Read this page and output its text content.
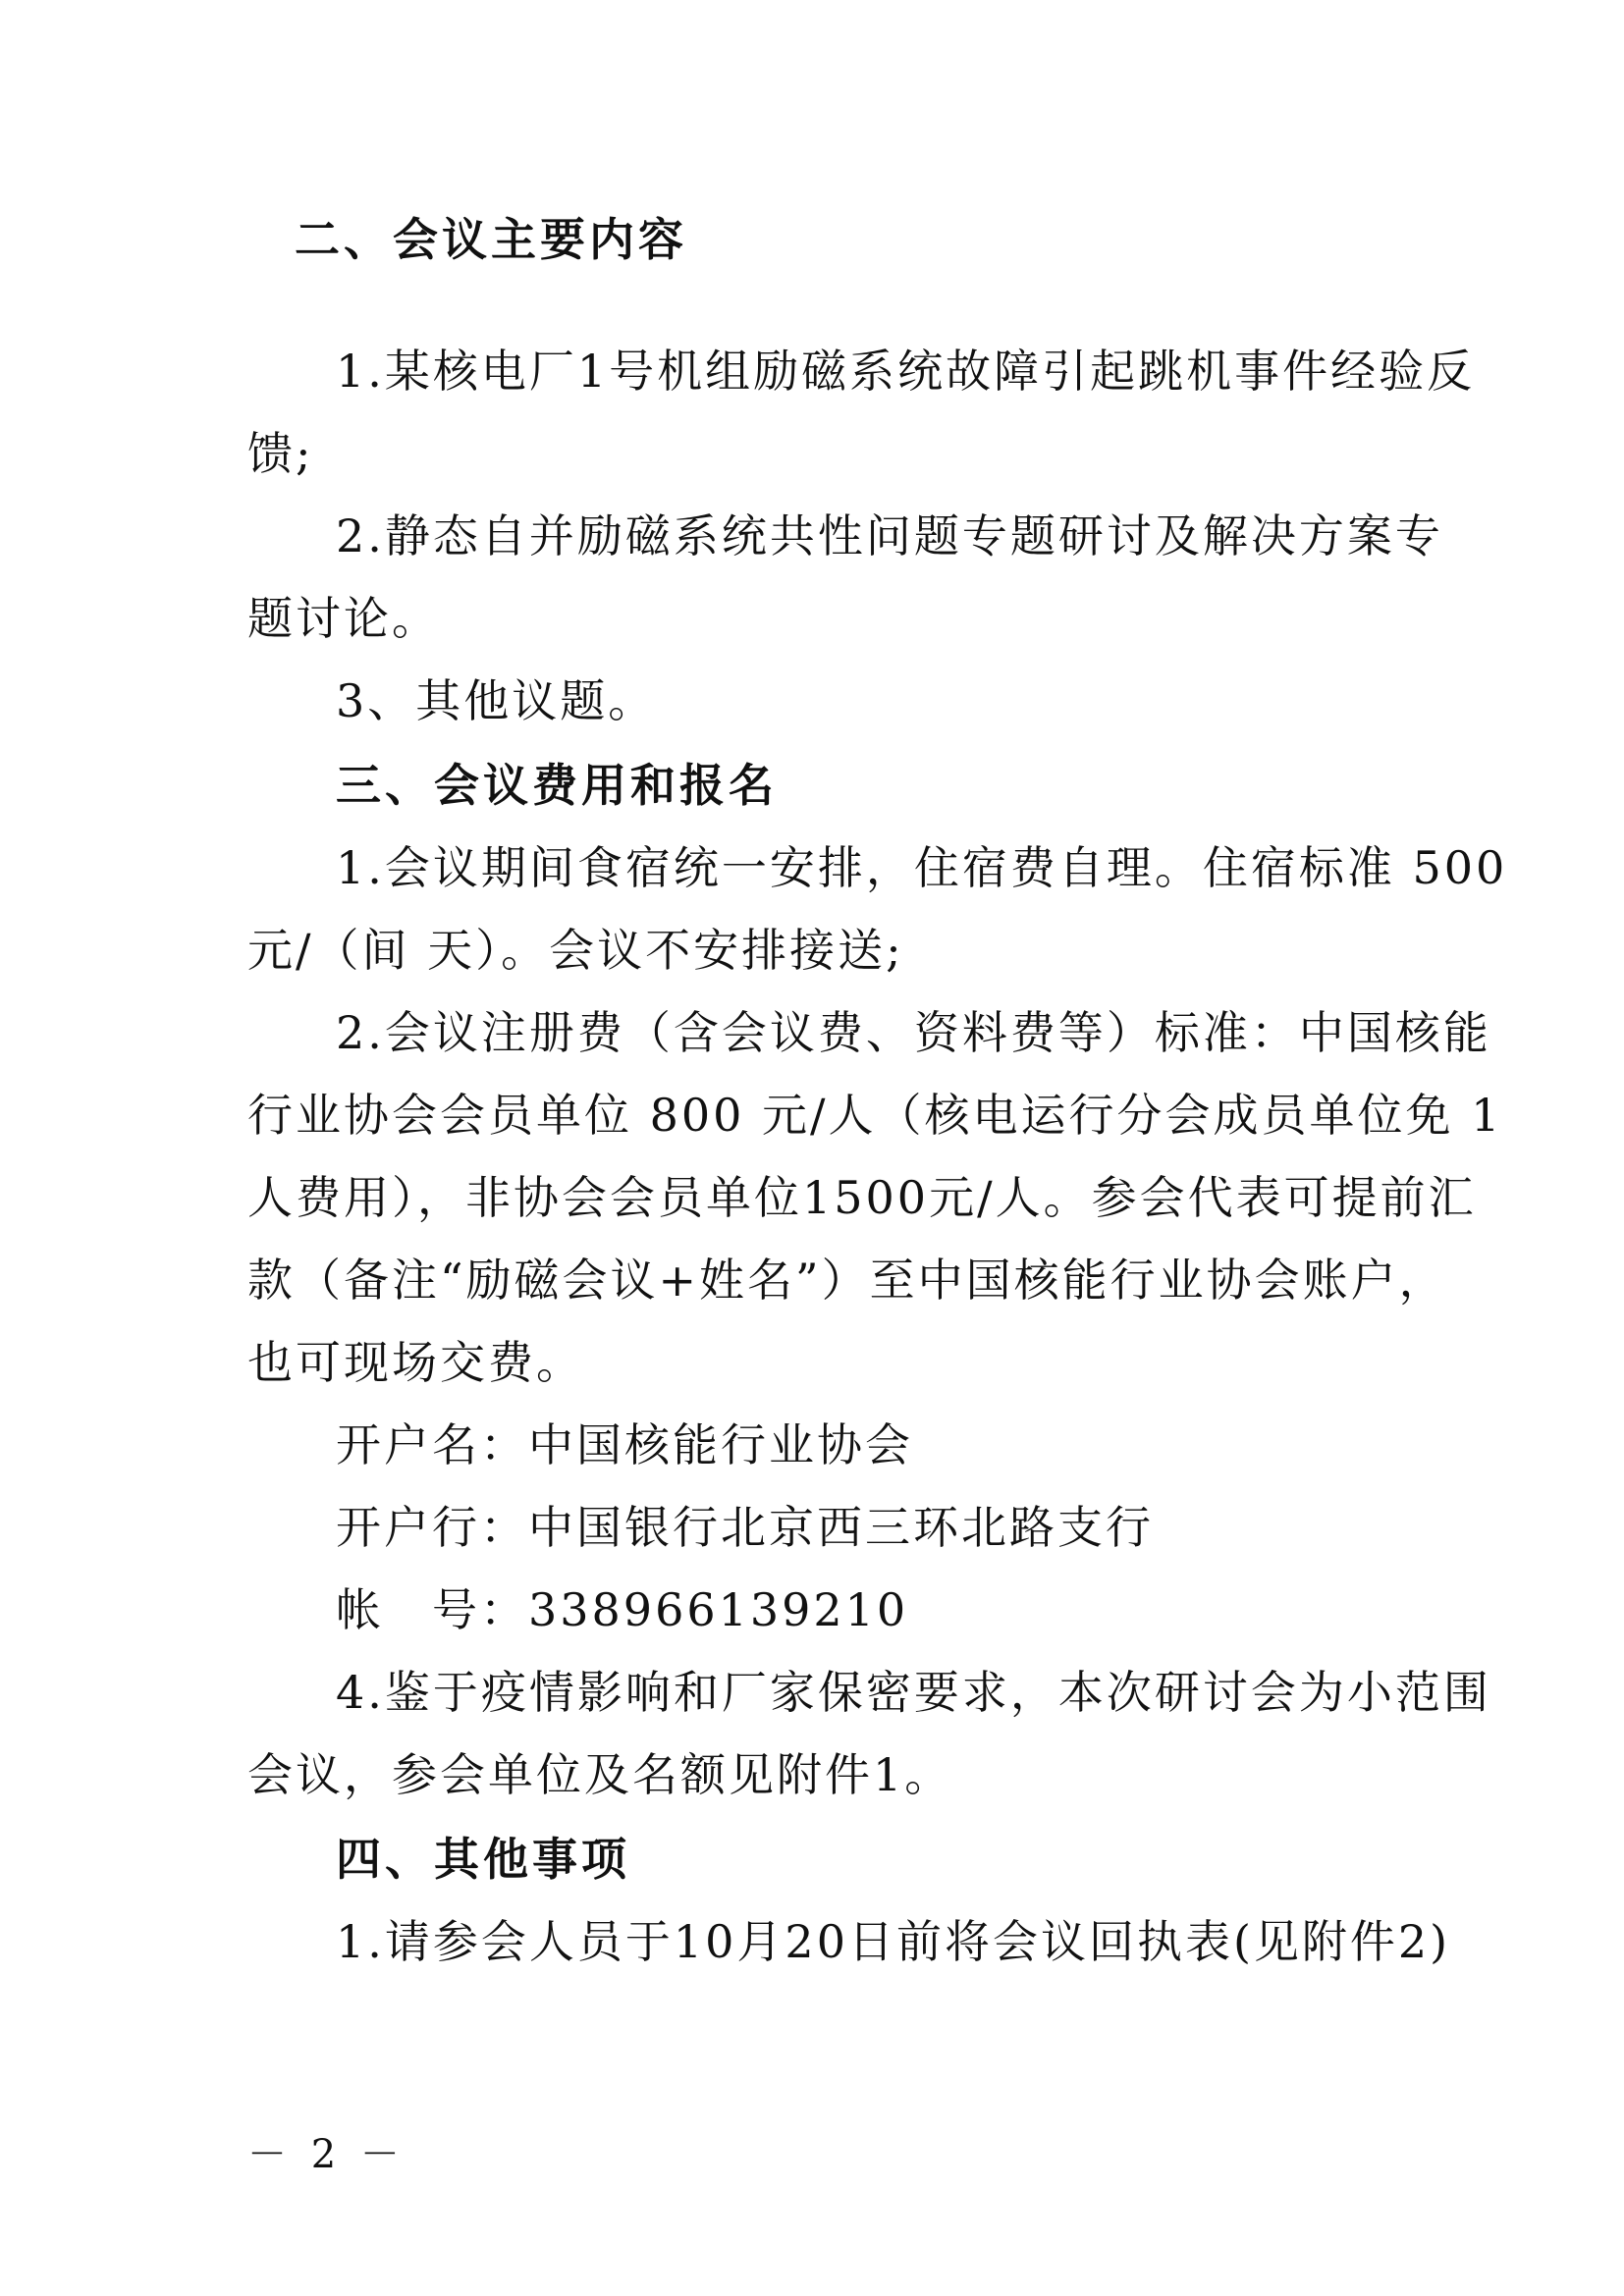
二、会议主要内容
1.某核电厂1号机组励磁系统故障引起跳机事件经验反
馈;
2.静态自并励磁系统共性问题专题研讨及解决方案专
题讨论。
3、其他议题。
三、会议费用和报名
1.会议期间食宿统一安排，住宿费自理。住宿标准 500
元/（间 天）。会议不安排接送;
2.会议注册费（含会议费、资料费等）标准：中国核能
行业协会会员单位 800 元/人（核电运行分会成员单位免 1
人费用），非协会会员单位1500元/人。参会代表可提前汇
款（备注“励磁会议+姓名”）至中国核能行业协会账户，
也可现场交费。
开户名：中国核能行业协会
开户行：中国银行北京西三环北路支行
帐　号：338966139210
4.鉴于疫情影响和厂家保密要求，本次研讨会为小范围
会议，参会单位及名额见附件1。
四、其他事项
1.请参会人员于10月20日前将会议回执表(见附件2)
－ 2 －
